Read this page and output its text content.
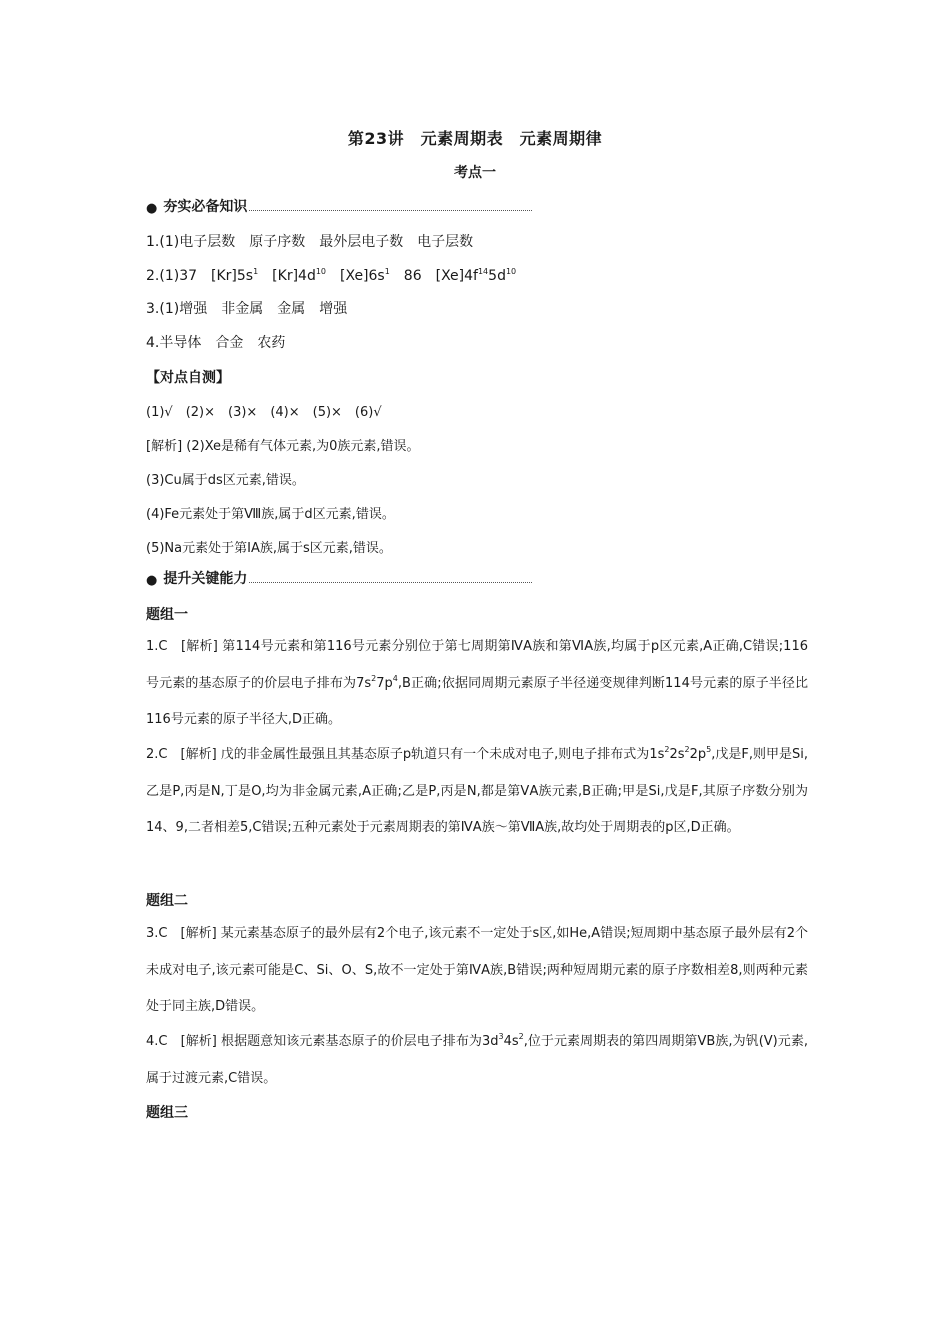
第23讲　元素周期表　元素周期律
考点一
● 夯实必备知识
1.(1)电子层数　原子序数　最外层电子数　电子层数
2.(1)37　$[Kr]5s^1$　$[Kr]4d^{10}$　$[Xe]6s^1$　86　$[Xe]4f^{14}5d^{10}$
3.(1)增强　非金属　金属　增强
4.半导体　合金　农药
【对点自测】
(1)√　(2)×　(3)×　(4)×　(5)×　(6)√
[解析] (2)Xe是稀有气体元素,为0族元素,错误。
(3)Cu属于ds区元素,错误。
(4)Fe元素处于第Ⅷ族,属于d区元素,错误。
(5)Na元素处于第ⅠA族,属于s区元素,错误。
● 提升关键能力
题组一
1.C　[解析] 第114号元素和第116号元素分别位于第七周期第ⅣA族和第ⅥA族,均属于p区元素,A正确,C错误;116号元素的基态原子的价层电子排布为$7s^27p^4,B$正确;依据同周期元素原子半径递变规律判断114号元素的原子半径比116号元素的原子半径大,D正确。
2.C　[解析] 戊的非金属性最强且其基态原子p轨道只有一个未成对电子,则电子排布式为$1s^22s^22p^5$,戊是F,则甲是Si,乙是P,丙是N,丁是O,均为非金属元素,A正确;乙是P,丙是N,都是第ⅤA族元素,B正确;甲是Si,戊是F,其原子序数分别为14、9,二者相差5,C错误;五种元素处于元素周期表的第ⅣA族～第ⅦA族,故均处于周期表的p区,D正确。
题组二
3.C　[解析] 某元素基态原子的最外层有2个电子,该元素不一定处于s区,如He,A错误;短周期中基态原子最外层有2个未成对电子,该元素可能是C、Si、O、S,故不一定处于第ⅣA族,B错误;两种短周期元素的原子序数相差8,则两种元素处于同主族,D错误。
4.C　[解析] 根据题意知该元素基态原子的价层电子排布为$3d^34s^2$,位于元素周期表的第四周期第ⅤB族,为钒(V)元素,属于过渡元素,C错误。
题组三
